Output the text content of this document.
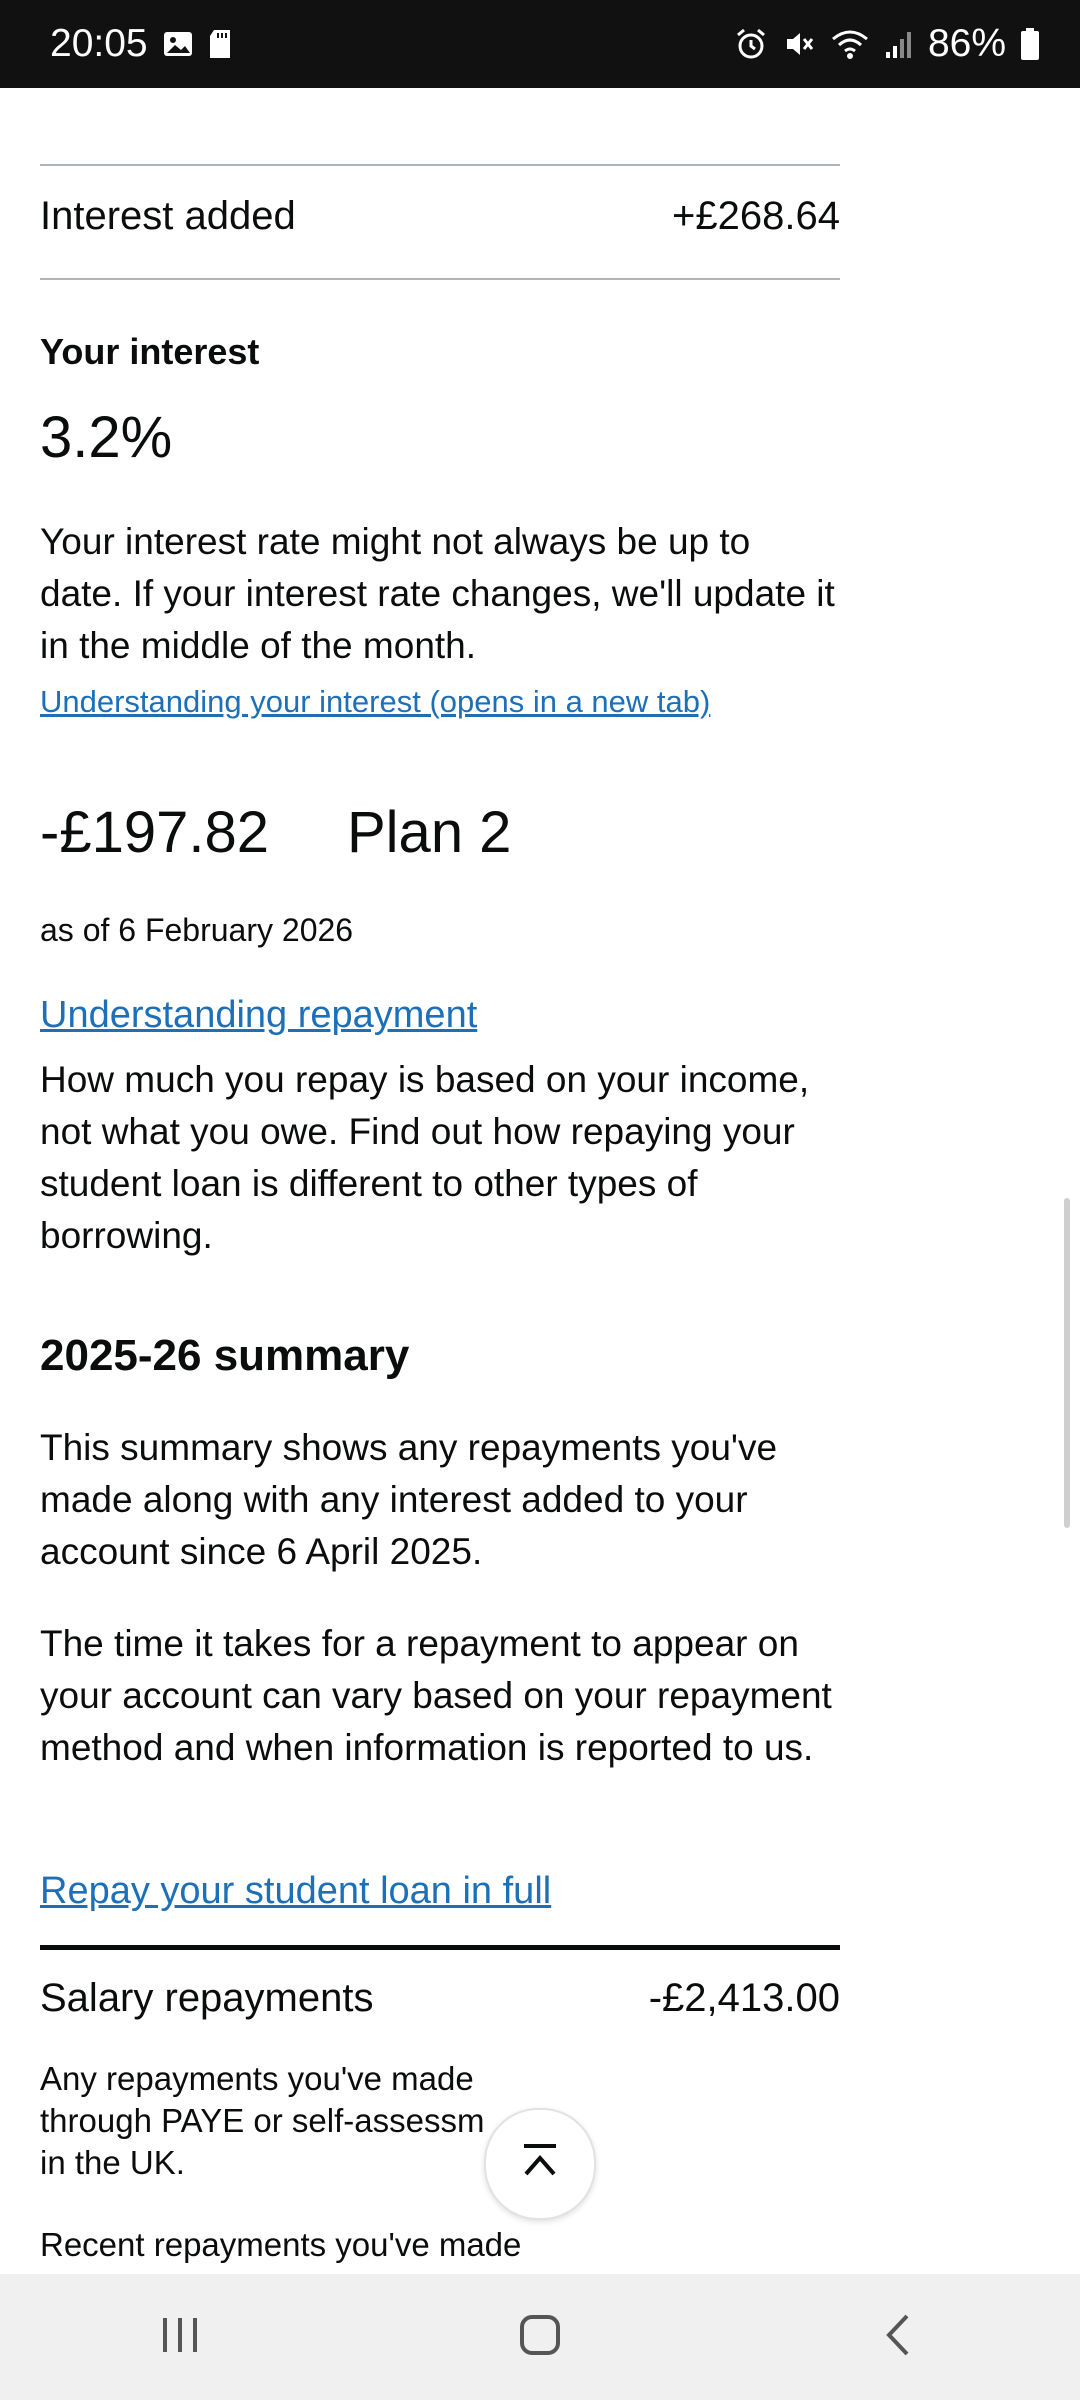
20:05	86%
Interest added	+£268.64
Your interest
3.2%
Your interest rate might not always be up to date. If your interest rate changes, we'll update it in the middle of the month.
Understanding your interest (opens in a new tab)
-£197.82 Plan 2
as of 6 February 2026
Understanding repayment
How much you repay is based on your income, not what you owe. Find out how repaying your student loan is different to other types of borrowing.
2025-26 summary
This summary shows any repayments you've made along with any interest added to your account since 6 April 2025.
The time it takes for a repayment to appear on your account can vary based on your repayment method and when information is reported to us.
Repay your student loan in full
Salary repayments	-£2,413.00
Any repayments you've made through PAYE or self-assessm in the UK.
Recent repayments you've made
